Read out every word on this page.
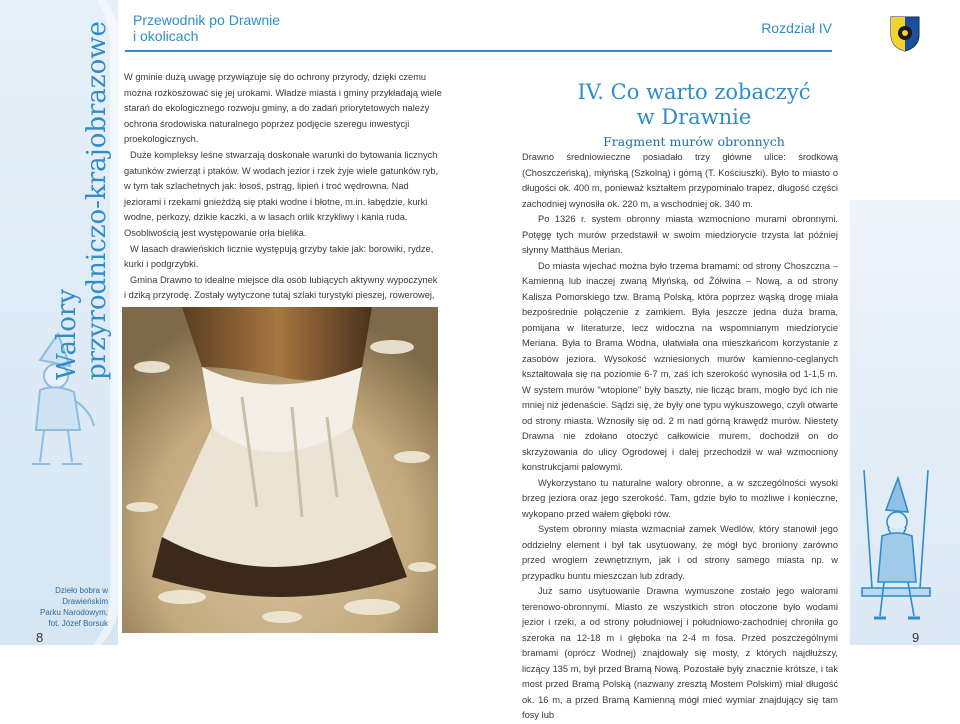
Walory przyrodniczo-krajobrazowe
Dzieło bobra w Drawieńskim
Parku Narodowym,
fot. Józef Borsuk
8
Przewodnik po Drawnie
i okolicach

W gminie dużą uwagę przywiązuje się do ochrony przyrody, dzięki czemu można rozkoszować się jej urokami. Władze miasta i gminy przykładają wiele starań do ekologicznego rozwoju gminy, a do zadań priorytetowych należy ochrona środowiska naturalnego poprzez podjęcie szeregu inwestycji proekologicznych.

Duże kompleksy leśne stwarzają doskonałe warunki do bytowania licznych gatunków zwierząt i ptaków. W wodach jezior i rzek żyje wiele gatunków ryb, w tym tak szlachetnych jak: łosoś, pstrąg, lipień i troć wędrowna. Nad jeziorami i rzekami gnieżdżą się ptaki wodne i błotne, m.in. łabędzie, kurki wodne, perkozy, dzikie kaczki, a w lasach orlik krzykliwy i kania ruda. Osobliwością jest występowanie orła bielika.

W lasach drawieńskich licznie występują grzyby takie jak: borowiki, rydze, kurki i podgrzybki.

Gmina Drawno to idealne miejsce dla osób lubiących aktywny wypoczynek i dziką przyrodę. Zostały wytyczone tutaj szlaki turystyki pieszej, rowerowej,

Rozdział IV
IV. Co warto zobaczyć
w Drawnie
Fragment murów obronnych

Drawno średniowieczne posiadało trzy główne ulice: środkową (Choszczeńską), młyńską (Szkolną) i górną (T. Kościuszki). Było to miasto o długości ok. 400 m, ponieważ kształtem przypominało trapez, długość części zachodniej wynosiła ok. 220 m, a wschodniej ok. 340 m.

Po 1326 r. system obronny miasta wzmocniono murami obronnymi. Potęgę tych murów przedstawił w swoim miedziorycie trzysta lat później słynny Matthäus Merian.

Do miasta wjechać można było trzema bramami: od strony Choszczna – Kamienną lub inaczej zwaną Młyńską, od Żółwina – Nową, a od strony Kalisza Pomorskiego tzw. Bramą Polską, która poprzez wąską drogę miała bezpośrednie połączenie z zamkiem. Była jeszcze jedna duża brama, pomijana w literaturze, lecz widoczna na wspomnianym miedziorycie Meriana. Była to Brama Wodna, ułatwiała ona mieszkańcom korzystanie z zasobów jeziora. Wysokość wzniesionych murów kamienno-ceglanych kształtowała się na poziomie 6-7 m, zaś ich szerokość wynosiła od 1-1,5 m. W system murów "wtopione" były baszty, nie licząc bram, mogło być ich nie mniej niż jedenaście. Sądzi się, że były one typu wykuszowego, czyli otwarte od strony miasta. Wznosiły się od. 2 m nad górną krawędź murów. Niestety Drawna nie zdołano otoczyć całkowicie murem, dochodził on do skrzyżowania do ulicy Ogrodowej i dalej przechodził w wał wzmocniony konstrukcjami palowymi.

Wykorzystano tu naturalne walory obronne, a w szczególności wysoki brzeg jeziora oraz jego szerokość. Tam, gdzie było to możliwe i konieczne, wykopano przed wałem głęboki rów.

System obronny miasta wzmacniał zamek Wedlów, który stanowił jego oddzielny element i był tak usytuowany, że mógł być broniony zarówno przed wrogiem zewnętrznym, jak i od strony samego miasta np. w przypadku buntu mieszczan lub zdrady.

Już samo usytuowanie Drawna wymuszone zostało jego walorami terenowo-obronnymi. Miasto ze wszystkich stron otoczone było wodami jezior i rzeki, a od strony południowej i południowo-zachodniej chroniła go szeroka na 12-18 m i głęboka na 2-4 m fosa. Przed poszczególnymi bramami (oprócz Wodnej) znajdowały się mosty, z których najdłuższy, liczący 135 m, był przed Bramą Nową. Pozostałe były znacznie krótsze, i tak most przed Bramą Polską (nazwany zresztą Mostem Polskim) miał długość ok. 16 m, a przed Bramą Kamienną mógł mieć wymiar znajdujący się tam fosy lub

9
